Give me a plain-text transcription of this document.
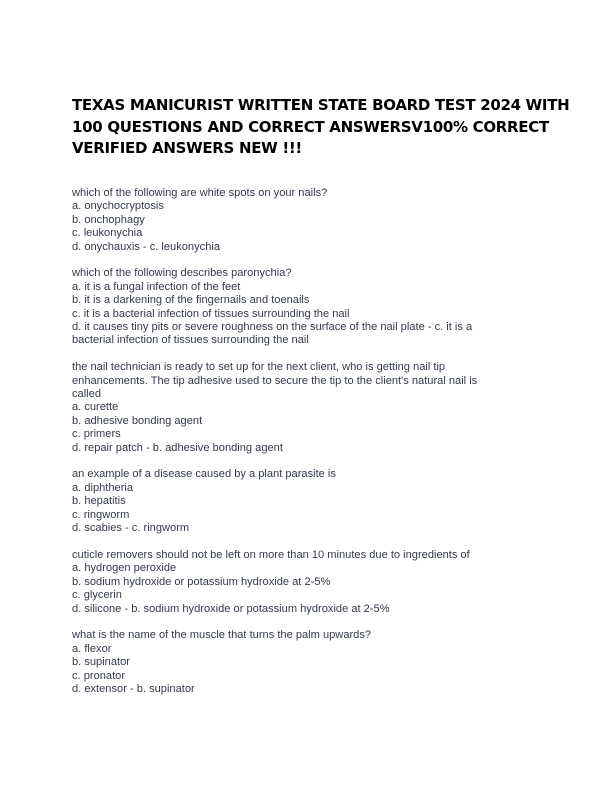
TEXAS MANICURIST WRITTEN STATE BOARD TEST 2024 WITH
100 QUESTIONS AND CORRECT ANSWERSV100% CORRECT
VERIFIED ANSWERS NEW !!!
which of the following are white spots on your nails?
a. onychocryptosis
b. onchophagy
c. leukonychia
d. onychauxis - c. leukonychia
which of the following describes paronychia?
a. it is a fungal infection of the feet
b. it is a darkening of the fingernails and toenails
c. it is a bacterial infection of tissues surrounding the nail
d. it causes tiny pits or severe roughness on the surface of the nail plate - c. it is a
bacterial infection of tissues surrounding the nail
the nail technician is ready to set up for the next client, who is getting nail tip
enhancements. The tip adhesive used to secure the tip to the client's natural nail is
called
a. curette
b. adhesive bonding agent
c. primers
d. repair patch - b. adhesive bonding agent
an example of a disease caused by a plant parasite is
a. diphtheria
b. hepatitis
c. ringworm
d. scabies - c. ringworm
cuticle removers should not be left on more than 10 minutes due to ingredients of
a. hydrogen peroxide
b. sodium hydroxide or potassium hydroxide at 2-5%
c. glycerin
d. silicone - b. sodium hydroxide or potassium hydroxide at 2-5%
what is the name of the muscle that turns the palm upwards?
a. flexor
b. supinator
c. pronator
d. extensor - b. supinator
